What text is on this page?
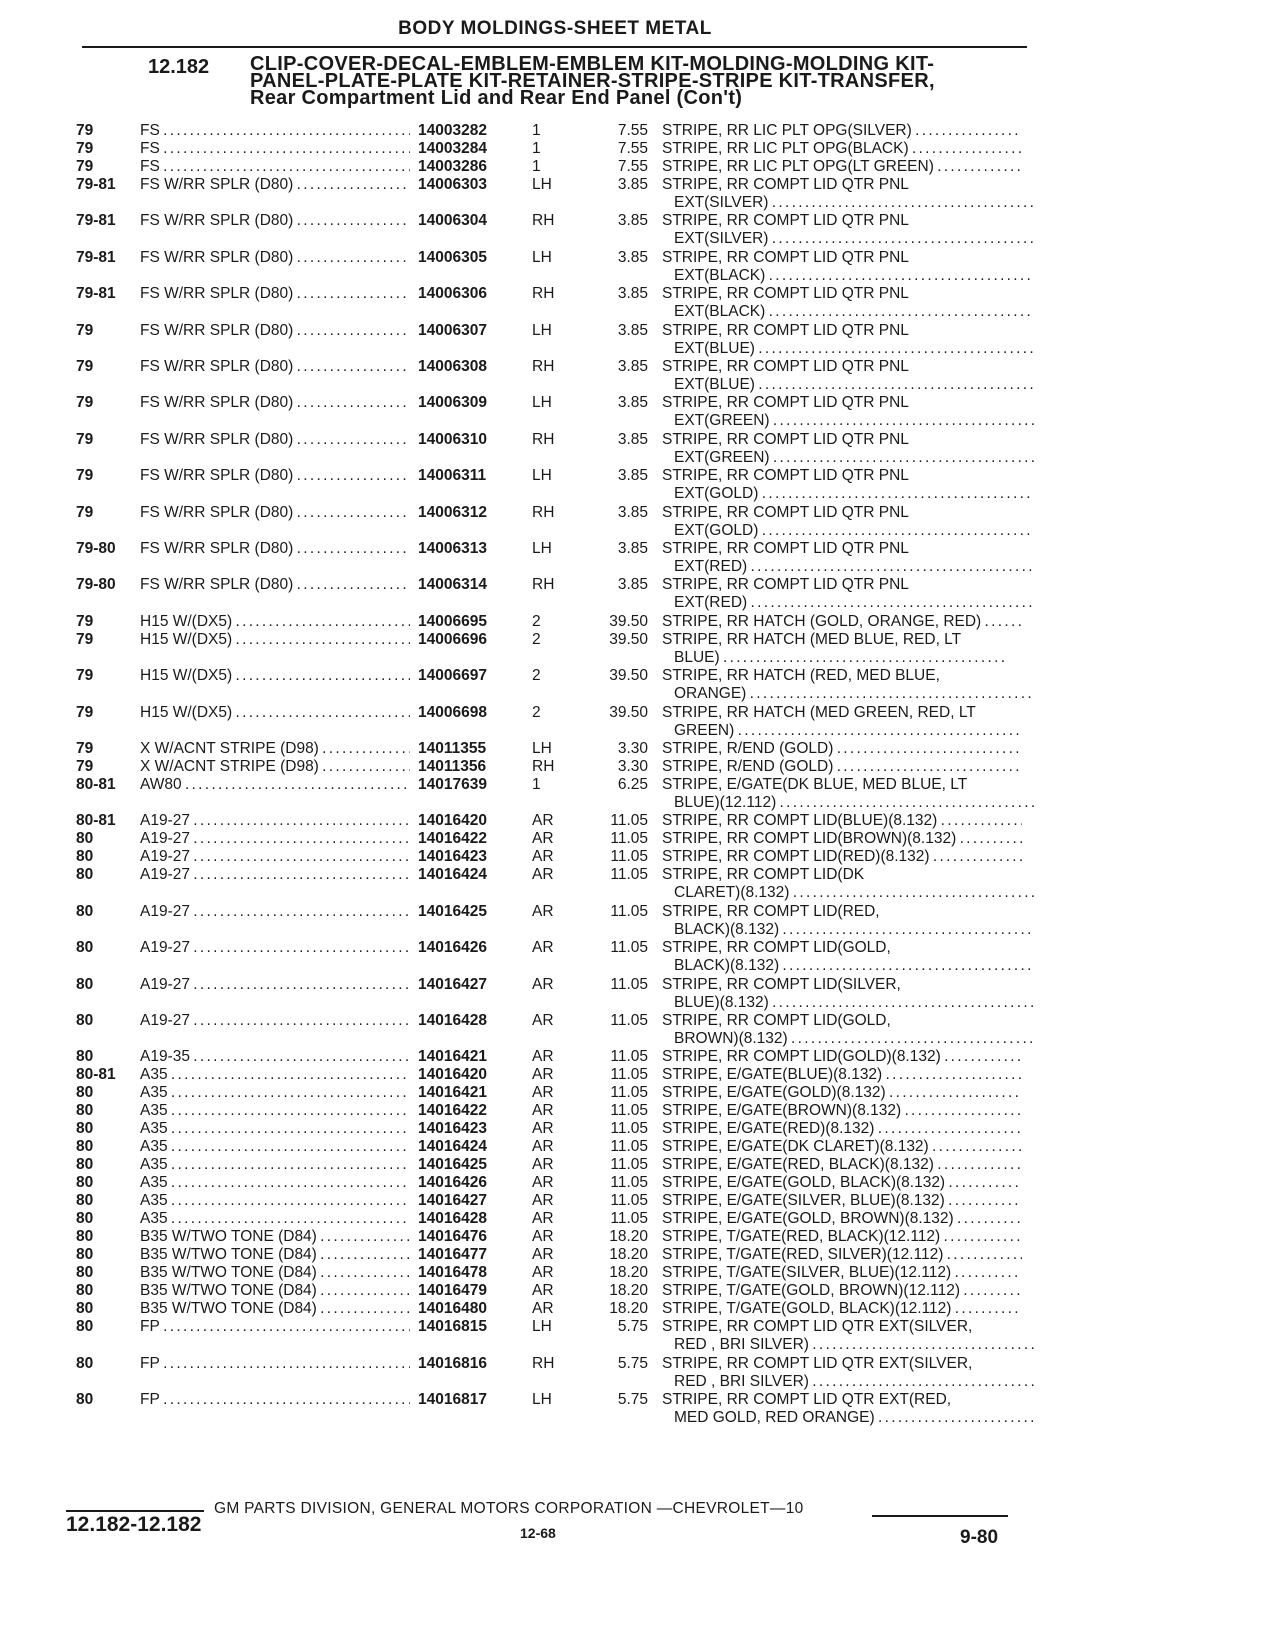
BODY MOLDINGS-SHEET METAL
12.182 CLIP-COVER-DECAL-EMBLEM-EMBLEM KIT-MOLDING-MOLDING KIT-
PANEL-PLATE-PLATE KIT-RETAINER-STRIPE-STRIPE KIT-TRANSFER,
Rear Compartment Lid and Rear End Panel (Con't)
79	FS . . .	14003282	1	7.55 STRIPE, RR LIC PLT OPG(SILVER) . . .
79	FS . . .	14003284	1	7.55 STRIPE, RR LIC PLT OPG(BLACK) . . .
79	FS . . .	14003286	1	7.55 STRIPE, RR LIC PLT OPG(LT GREEN) . . .
79-81	FS W/RR SPLR (D80) . . .	14006303	LH	3.85 STRIPE, RR COMPT LID QTR PNL
EXT(SILVER) . . .
79-81	FS W/RR SPLR (D80) . . .	14006304	RH	3.85 STRIPE, RR COMPT LID QTR PNL
EXT(SILVER) . . .
79-81	FS W/RR SPLR (D80) . . .	14006305	LH	3.85 STRIPE, RR COMPT LID QTR PNL
EXT(BLACK) . . .
79-81	FS W/RR SPLR (D80) . . .	14006306	RH	3.85 STRIPE, RR COMPT LID QTR PNL
EXT(BLACK) . . .
79	FS W/RR SPLR (D80) . . .	14006307	LH	3.85 STRIPE, RR COMPT LID QTR PNL
EXT(BLUE) . . .
79	FS W/RR SPLR (D80) . . .	14006308	RH	3.85 STRIPE, RR COMPT LID QTR PNL
EXT(BLUE) . . .
79	FS W/RR SPLR (D80) . . .	14006309	LH	3.85 STRIPE, RR COMPT LID QTR PNL
EXT(GREEN) . . .
79	FS W/RR SPLR (D80) . . .	14006310	RH	3.85 STRIPE, RR COMPT LID QTR PNL
EXT(GREEN) . . .
79	FS W/RR SPLR (D80) . . .	14006311	LH	3.85 STRIPE, RR COMPT LID QTR PNL
EXT(GOLD) . . .
79	FS W/RR SPLR (D80) . . .	14006312	RH	3.85 STRIPE, RR COMPT LID QTR PNL
EXT(GOLD) . . .
79-80	FS W/RR SPLR (D80) . . .	14006313	LH	3.85 STRIPE, RR COMPT LID QTR PNL
EXT(RED) . . .
79-80	FS W/RR SPLR (D80) . . .	14006314	RH	3.85 STRIPE, RR COMPT LID QTR PNL
EXT(RED) . . .
79	H15 W/(DX5) . . .	14006695	2	39.50 STRIPE, RR HATCH (GOLD, ORANGE, RED) . . .
79	H15 W/(DX5) . . .	14006696	2	39.50 STRIPE, RR HATCH (MED BLUE, RED, LT
BLUE) . . .
79	H15 W/(DX5) . . .	14006697	2	39.50 STRIPE, RR HATCH (RED, MED BLUE,
ORANGE) . . .
79	H15 W/(DX5) . . .	14006698	2	39.50 STRIPE, RR HATCH (MED GREEN, RED, LT
GREEN) . . .
79	X W/ACNT STRIPE (D98) . . .	14011355	LH	3.30 STRIPE, R/END (GOLD) . . .
79	X W/ACNT STRIPE (D98) . . .	14011356	RH	3.30 STRIPE, R/END (GOLD) . . .
80-81	AW80 . . .	14017639	1	6.25 STRIPE, E/GATE(DK BLUE, MED BLUE, LT
BLUE)(12.112) . . .
80-81	A19-27 . . .	14016420	AR	11.05 STRIPE, RR COMPT LID(BLUE)(8.132) . . .
80	A19-27 . . .	14016422	AR	11.05 STRIPE, RR COMPT LID(BROWN)(8.132) . . .
80	A19-27 . . .	14016423	AR	11.05 STRIPE, RR COMPT LID(RED)(8.132) . . .
80	A19-27 . . .	14016424	AR	11.05 STRIPE, RR COMPT LID(DK
CLARET)(8.132) . . .
80	A19-27 . . .	14016425	AR	11.05 STRIPE, RR COMPT LID(RED,
BLACK)(8.132) . . .
80	A19-27 . . .	14016426	AR	11.05 STRIPE, RR COMPT LID(GOLD,
BLACK)(8.132) . . .
80	A19-27 . . .	14016427	AR	11.05 STRIPE, RR COMPT LID(SILVER,
BLUE)(8.132) . . .
80	A19-27 . . .	14016428	AR	11.05 STRIPE, RR COMPT LID(GOLD,
BROWN)(8.132) . . .
80	A19-35 . . .	14016421	AR	11.05 STRIPE, RR COMPT LID(GOLD)(8.132) . . .
80-81	A35 . . .	14016420	AR	11.05 STRIPE, E/GATE(BLUE)(8.132) . . .
80	A35 . . .	14016421	AR	11.05 STRIPE, E/GATE(GOLD)(8.132) . . .
80	A35 . . .	14016422	AR	11.05 STRIPE, E/GATE(BROWN)(8.132) . . .
80	A35 . . .	14016423	AR	11.05 STRIPE, E/GATE(RED)(8.132) . . .
80	A35 . . .	14016424	AR	11.05 STRIPE, E/GATE(DK CLARET)(8.132) . . .
80	A35 . . .	14016425	AR	11.05 STRIPE, E/GATE(RED, BLACK)(8.132) . . .
80	A35 . . .	14016426	AR	11.05 STRIPE, E/GATE(GOLD, BLACK)(8.132) . . .
80	A35 . . .	14016427	AR	11.05 STRIPE, E/GATE(SILVER, BLUE)(8.132) . . .
80	A35 . . .	14016428	AR	11.05 STRIPE, E/GATE(GOLD, BROWN)(8.132) . . .
80	B35 W/TWO TONE (D84) . . .	14016476	AR	18.20 STRIPE, T/GATE(RED, BLACK)(12.112) . . .
80	B35 W/TWO TONE (D84) . . .	14016477	AR	18.20 STRIPE, T/GATE(RED, SILVER)(12.112) . . .
80	B35 W/TWO TONE (D84) . . .	14016478	AR	18.20 STRIPE, T/GATE(SILVER, BLUE)(12.112) . . .
80	B35 W/TWO TONE (D84) . . .	14016479	AR	18.20 STRIPE, T/GATE(GOLD, BROWN)(12.112) . . .
80	B35 W/TWO TONE (D84) . . .	14016480	AR	18.20 STRIPE, T/GATE(GOLD, BLACK)(12.112) . . .
80	FP . . .	14016815	LH	5.75 STRIPE, RR COMPT LID QTR EXT(SILVER,
RED , BRI SILVER) . . .
80	FP . . .	14016816	RH	5.75 STRIPE, RR COMPT LID QTR EXT(SILVER,
RED , BRI SILVER) . . .
80	FP . . .	14016817	LH	5.75 STRIPE, RR COMPT LID QTR EXT(RED,
MED GOLD, RED ORANGE) . . .
GM PARTS DIVISION, GENERAL MOTORS CORPORATION —CHEVROLET—10
12.182-12.182	12-68	9-80
